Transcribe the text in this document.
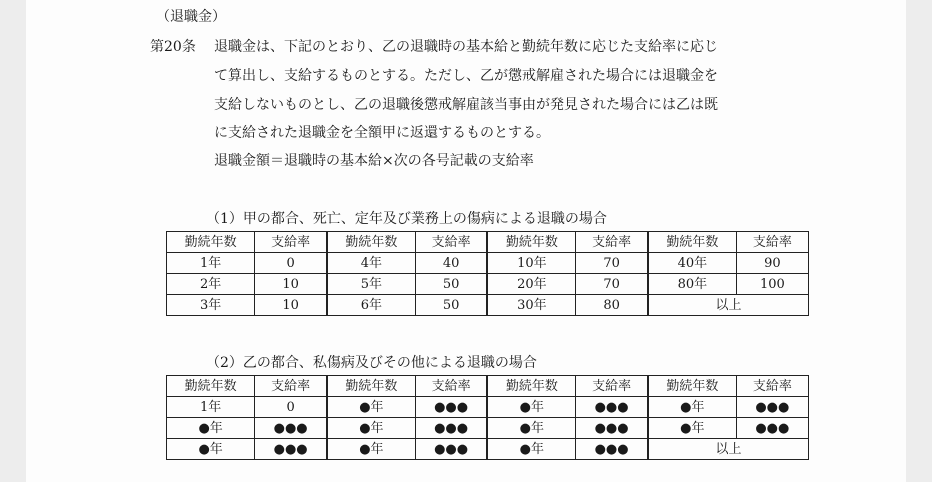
（退職金）
第20条 退職金は、下記のとおり、乙の退職時の基本給と勤続年数に応じた支給率に応じ
て算出し、支給するものとする。ただし、乙が懲戒解雇された場合には退職金を
支給しないものとし、乙の退職後懲戒解雇該当事由が発見された場合には乙は既
に支給された退職金を全額甲に返還するものとする。
退職金額＝退職時の基本給×次の各号記載の支給率
（1）甲の都合、死亡、定年及び業務上の傷病による退職の場合
勤続年数	支給率	勤続年数	支給率	勤続年数	支給率	勤続年数	支給率
1年	0	4年	40	10年	70	40年	90
2年	10	5年	50	20年	70	80年	100
3年	10	6年	50	30年	80	以上	
（2）乙の都合、私傷病及びその他による退職の場合
勤続年数	支給率	勤続年数	支給率	勤続年数	支給率	勤続年数	支給率
1年	0	●年	●●●	●年	●●●	●年	●●●
●年	●●●	●年	●●●	●年	●●●	●年	●●●
●年	●●●	●年	●●●	●年	●●●	以上	
